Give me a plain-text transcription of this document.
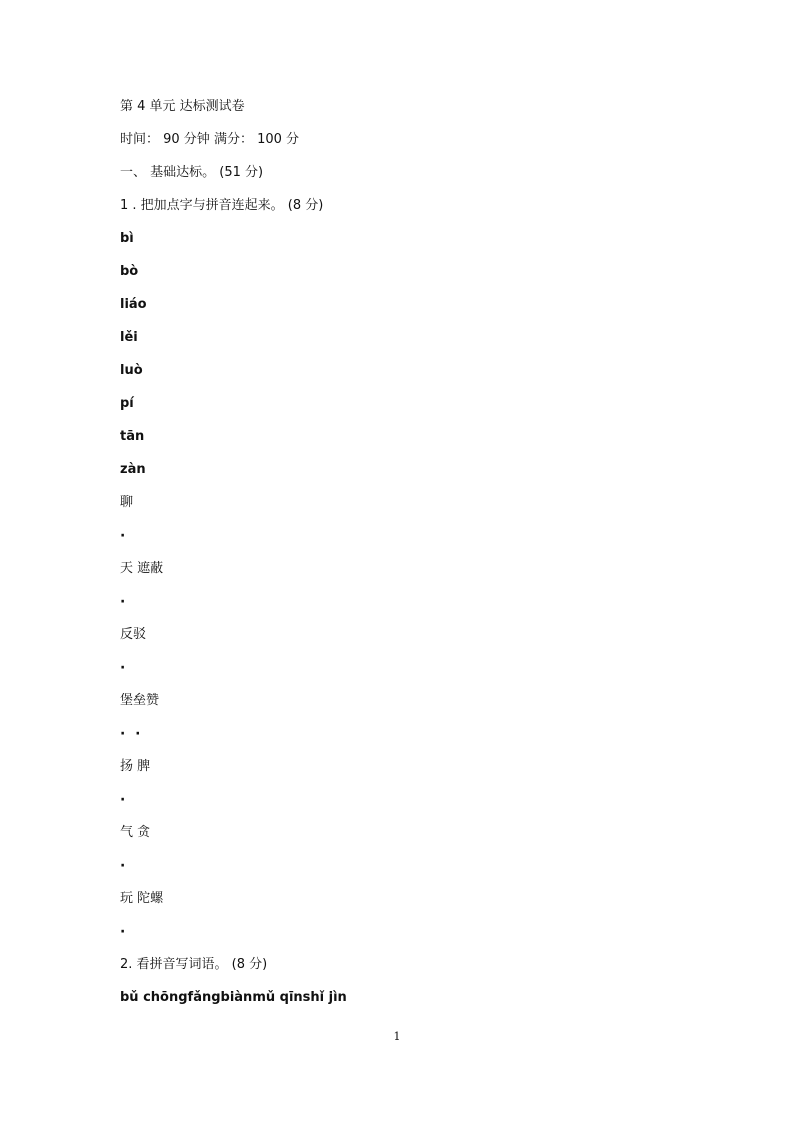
第 4 单元 达标测试卷
时间： 90 分钟 满分： 100 分
一、 基础达标。 (51 分)
1 . 把加点字与拼音连起来。 (8 分)
bì
bò
liáo
lěi
luò
pí
tān
zàn
聊
·
天 遮蔽
·
反驳
·
堡垒赞
·  ·
扬 脾
·
气 贪
·
玩 陀螺
·
2. 看拼音写词语。 (8 分)
bǔ chōngfǎngbiànmǔ qīnshǐ jìn
1
